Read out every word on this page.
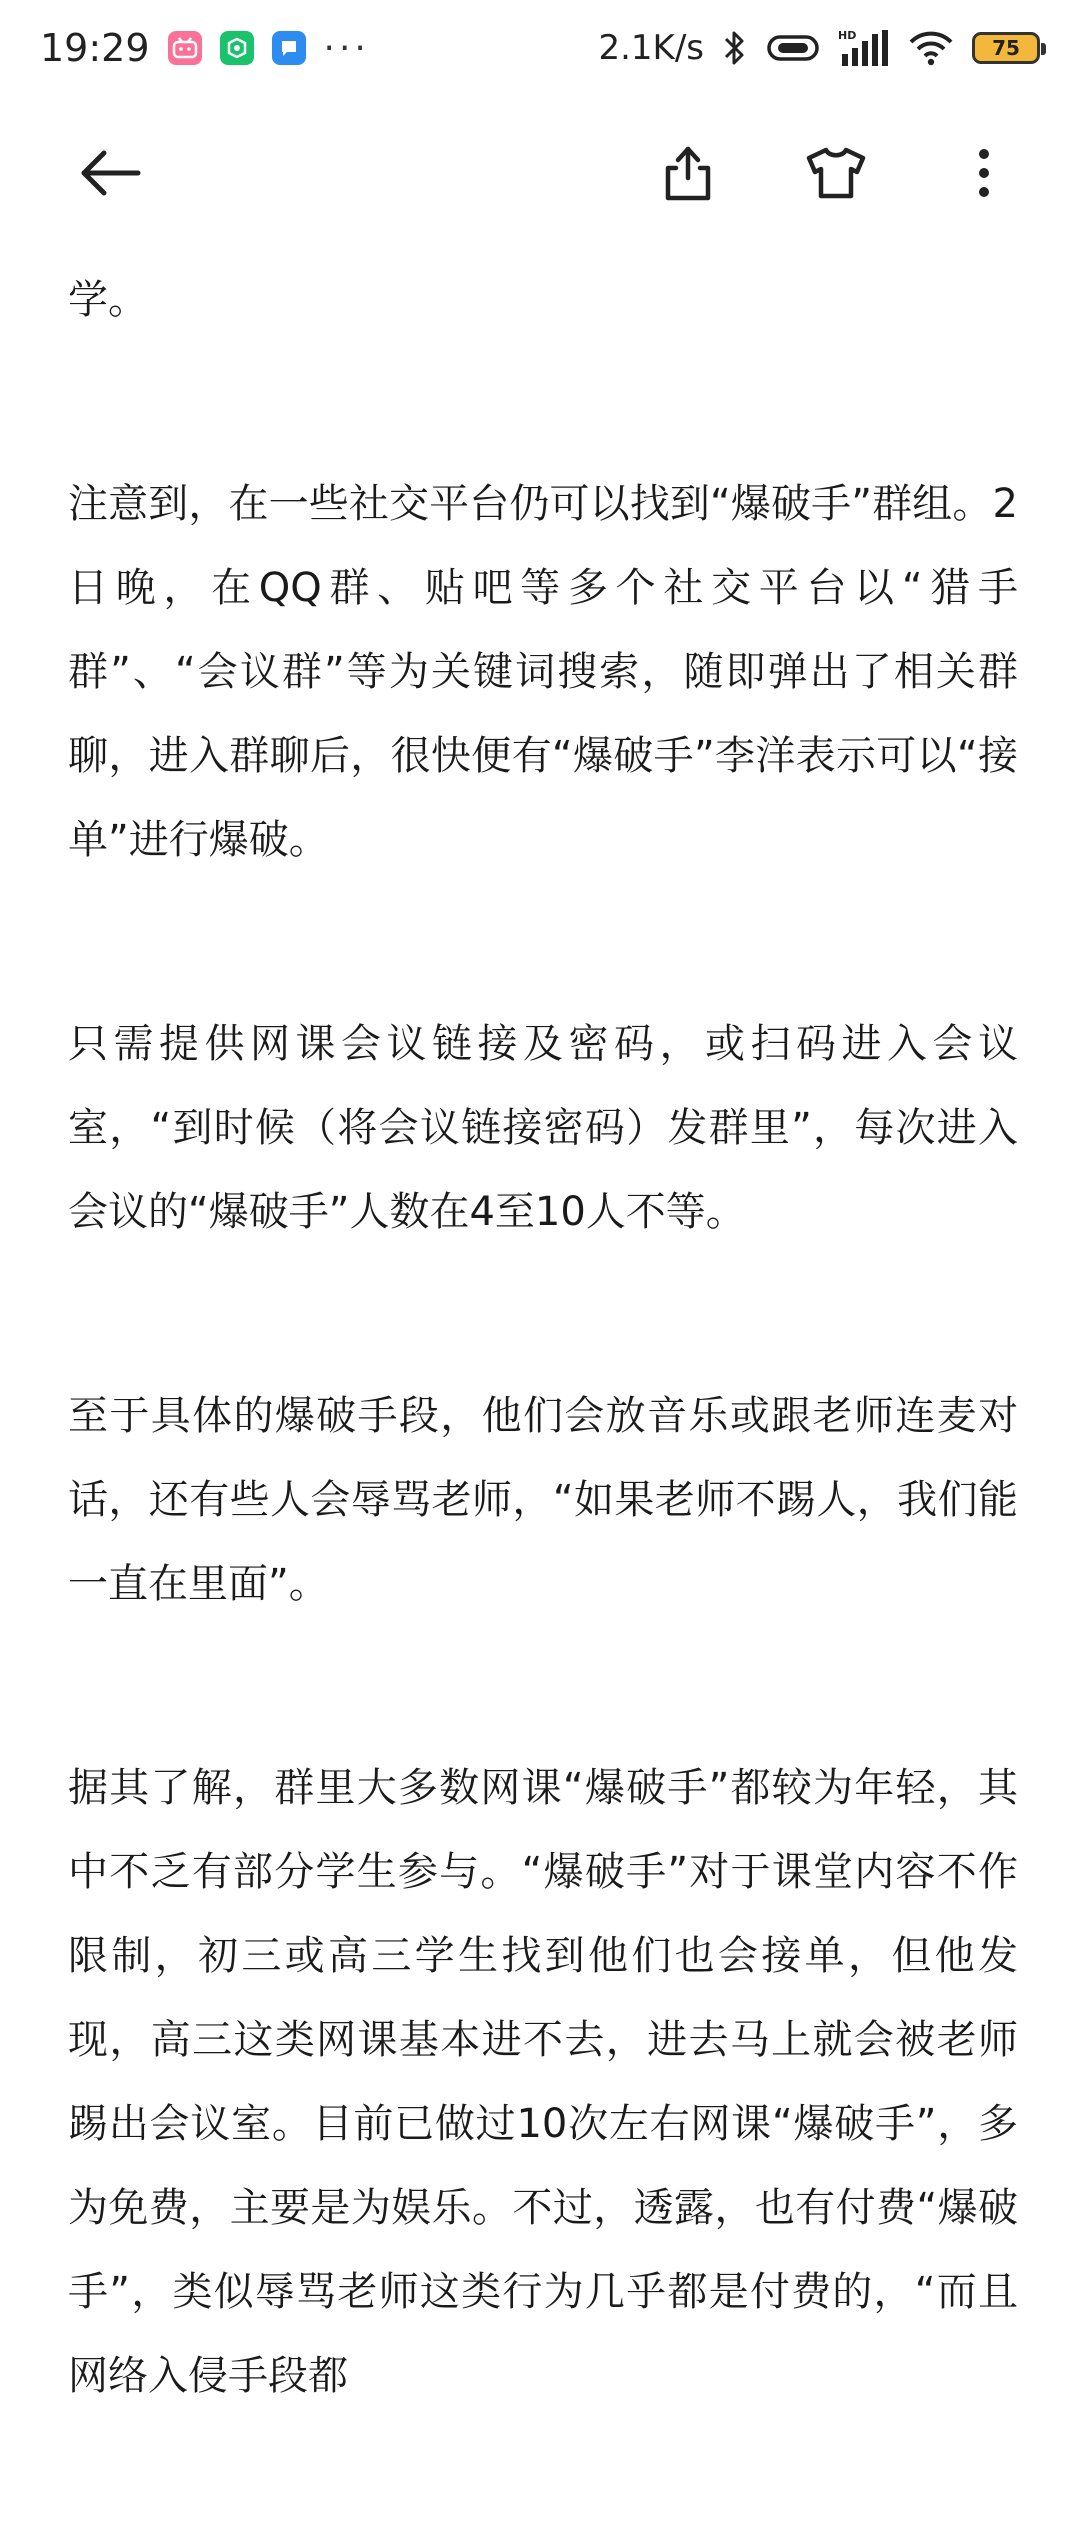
19:29	···	2.1K/s	HD
75

学。

注意到，在一些社交平台仍可以找到“爆破手”群组。2日晚，在QQ群、贴吧等多个社交平台以“猎手群”、“会议群”等为关键词搜索，随即弹出了相关群聊，进入群聊后，很快便有“爆破手”李洋表示可以“接单”进行爆破。

只需提供网课会议链接及密码，或扫码进入会议室，“到时候（将会议链接密码）发群里”，每次进入会议的“爆破手”人数在4至10人不等。

至于具体的爆破手段，他们会放音乐或跟老师连麦对话，还有些人会辱骂老师，“如果老师不踢人，我们能一直在里面”。

据其了解，群里大多数网课“爆破手”都较为年轻，其中不乏有部分学生参与。“爆破手”对于课堂内容不作限制，初三或高三学生找到他们也会接单，但他发现，高三这类网课基本进不去，进去马上就会被老师踢出会议室。目前已做过10次左右网课“爆破手”，多为免费，主要是为娱乐。不过，透露，也有付费“爆破手”，类似辱骂老师这类行为几乎都是付费的，“而且网络入侵手段都
